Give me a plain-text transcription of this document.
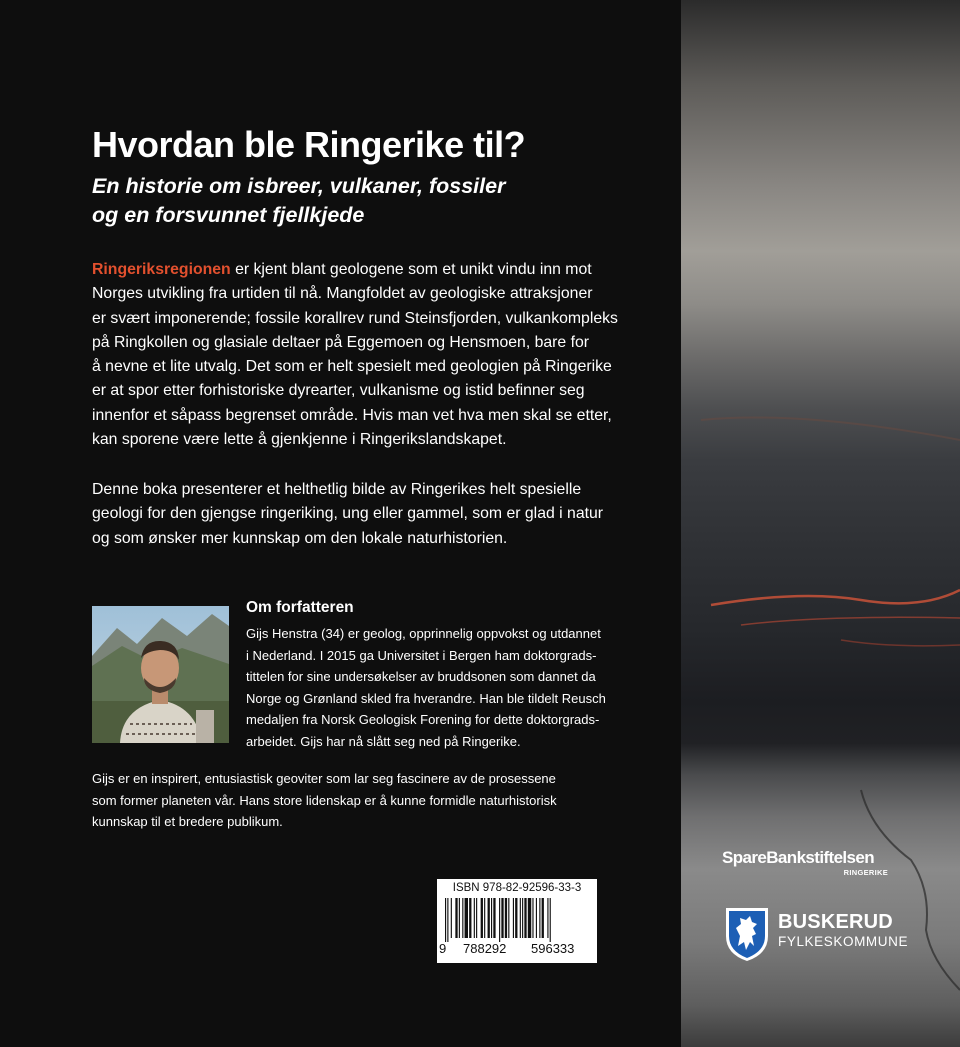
Hvordan ble Ringerike til?
En historie om isbreer, vulkaner, fossiler
og en forsvunnet fjellkjede

Ringeriksregionen er kjent blant geologene som et unikt vindu inn mot
Norges utvikling fra urtiden til nå. Mangfoldet av geologiske attraksjoner
er svært imponerende; fossile korallrev rund Steinsfjorden, vulkankompleks
på Ringkollen og glasiale deltaer på Eggemoen og Hensmoen, bare for
å nevne et lite utvalg. Det som er helt spesielt med geologien på Ringerike
er at spor etter forhistoriske dyrearter, vulkanisme og istid befinner seg
innenfor et såpass begrenset område. Hvis man vet hva men skal se etter,
kan sporene være lette å gjenkjenne i Ringerikslandskapet.

Denne boka presenterer et helthetlig bilde av Ringerikes helt spesielle
geologi for den gjengse ringeriking, ung eller gammel, som er glad i natur
og som ønsker mer kunnskap om den lokale naturhistorien.

Om forfatteren

Gijs Henstra (34) er geolog, opprinnelig oppvokst og utdannet
i Nederland. I 2015 ga Universitet i Bergen ham doktorgrads-
tittelen for sine undersøkelser av bruddsonen som dannet da
Norge og Grønland skled fra hverandre. Han ble tildelt Reusch
medaljen fra Norsk Geologisk Forening for dette doktorgrads-
arbeidet. Gijs har nå slått seg ned på Ringerike.

Gijs er en inspirert, entusiastisk geoviter som lar seg fascinere av de prosessene
som former planeten vår. Hans store lidenskap er å kunne formidle naturhistorisk
kunnskap til et bredere publikum.

ISBN 978-82-92596-33-3
9 788292 596333
SpareBankstiftelsen
RINGERIKE
BUSKERUD
FYLKESKOMMUNE
